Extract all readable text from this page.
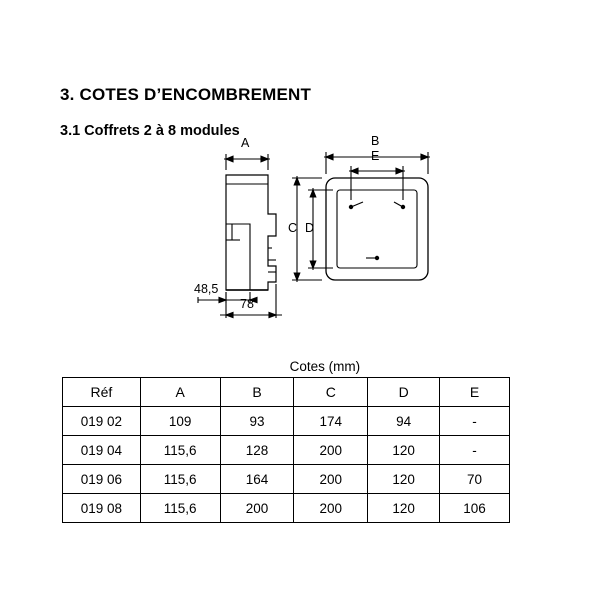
3. COTES D’ENCOMBREMENT
3.1 Coffrets 2 à 8 modules
A	B
E
C D
48,5
78
	Cotes (mm)				
Réf	A	B	C	D	E
019 02	109	93	174	94	-
019 04	115,6	128	200	120	-
019 06	115,6	164	200	120	70
019 08	115,6	200	200	120	106
